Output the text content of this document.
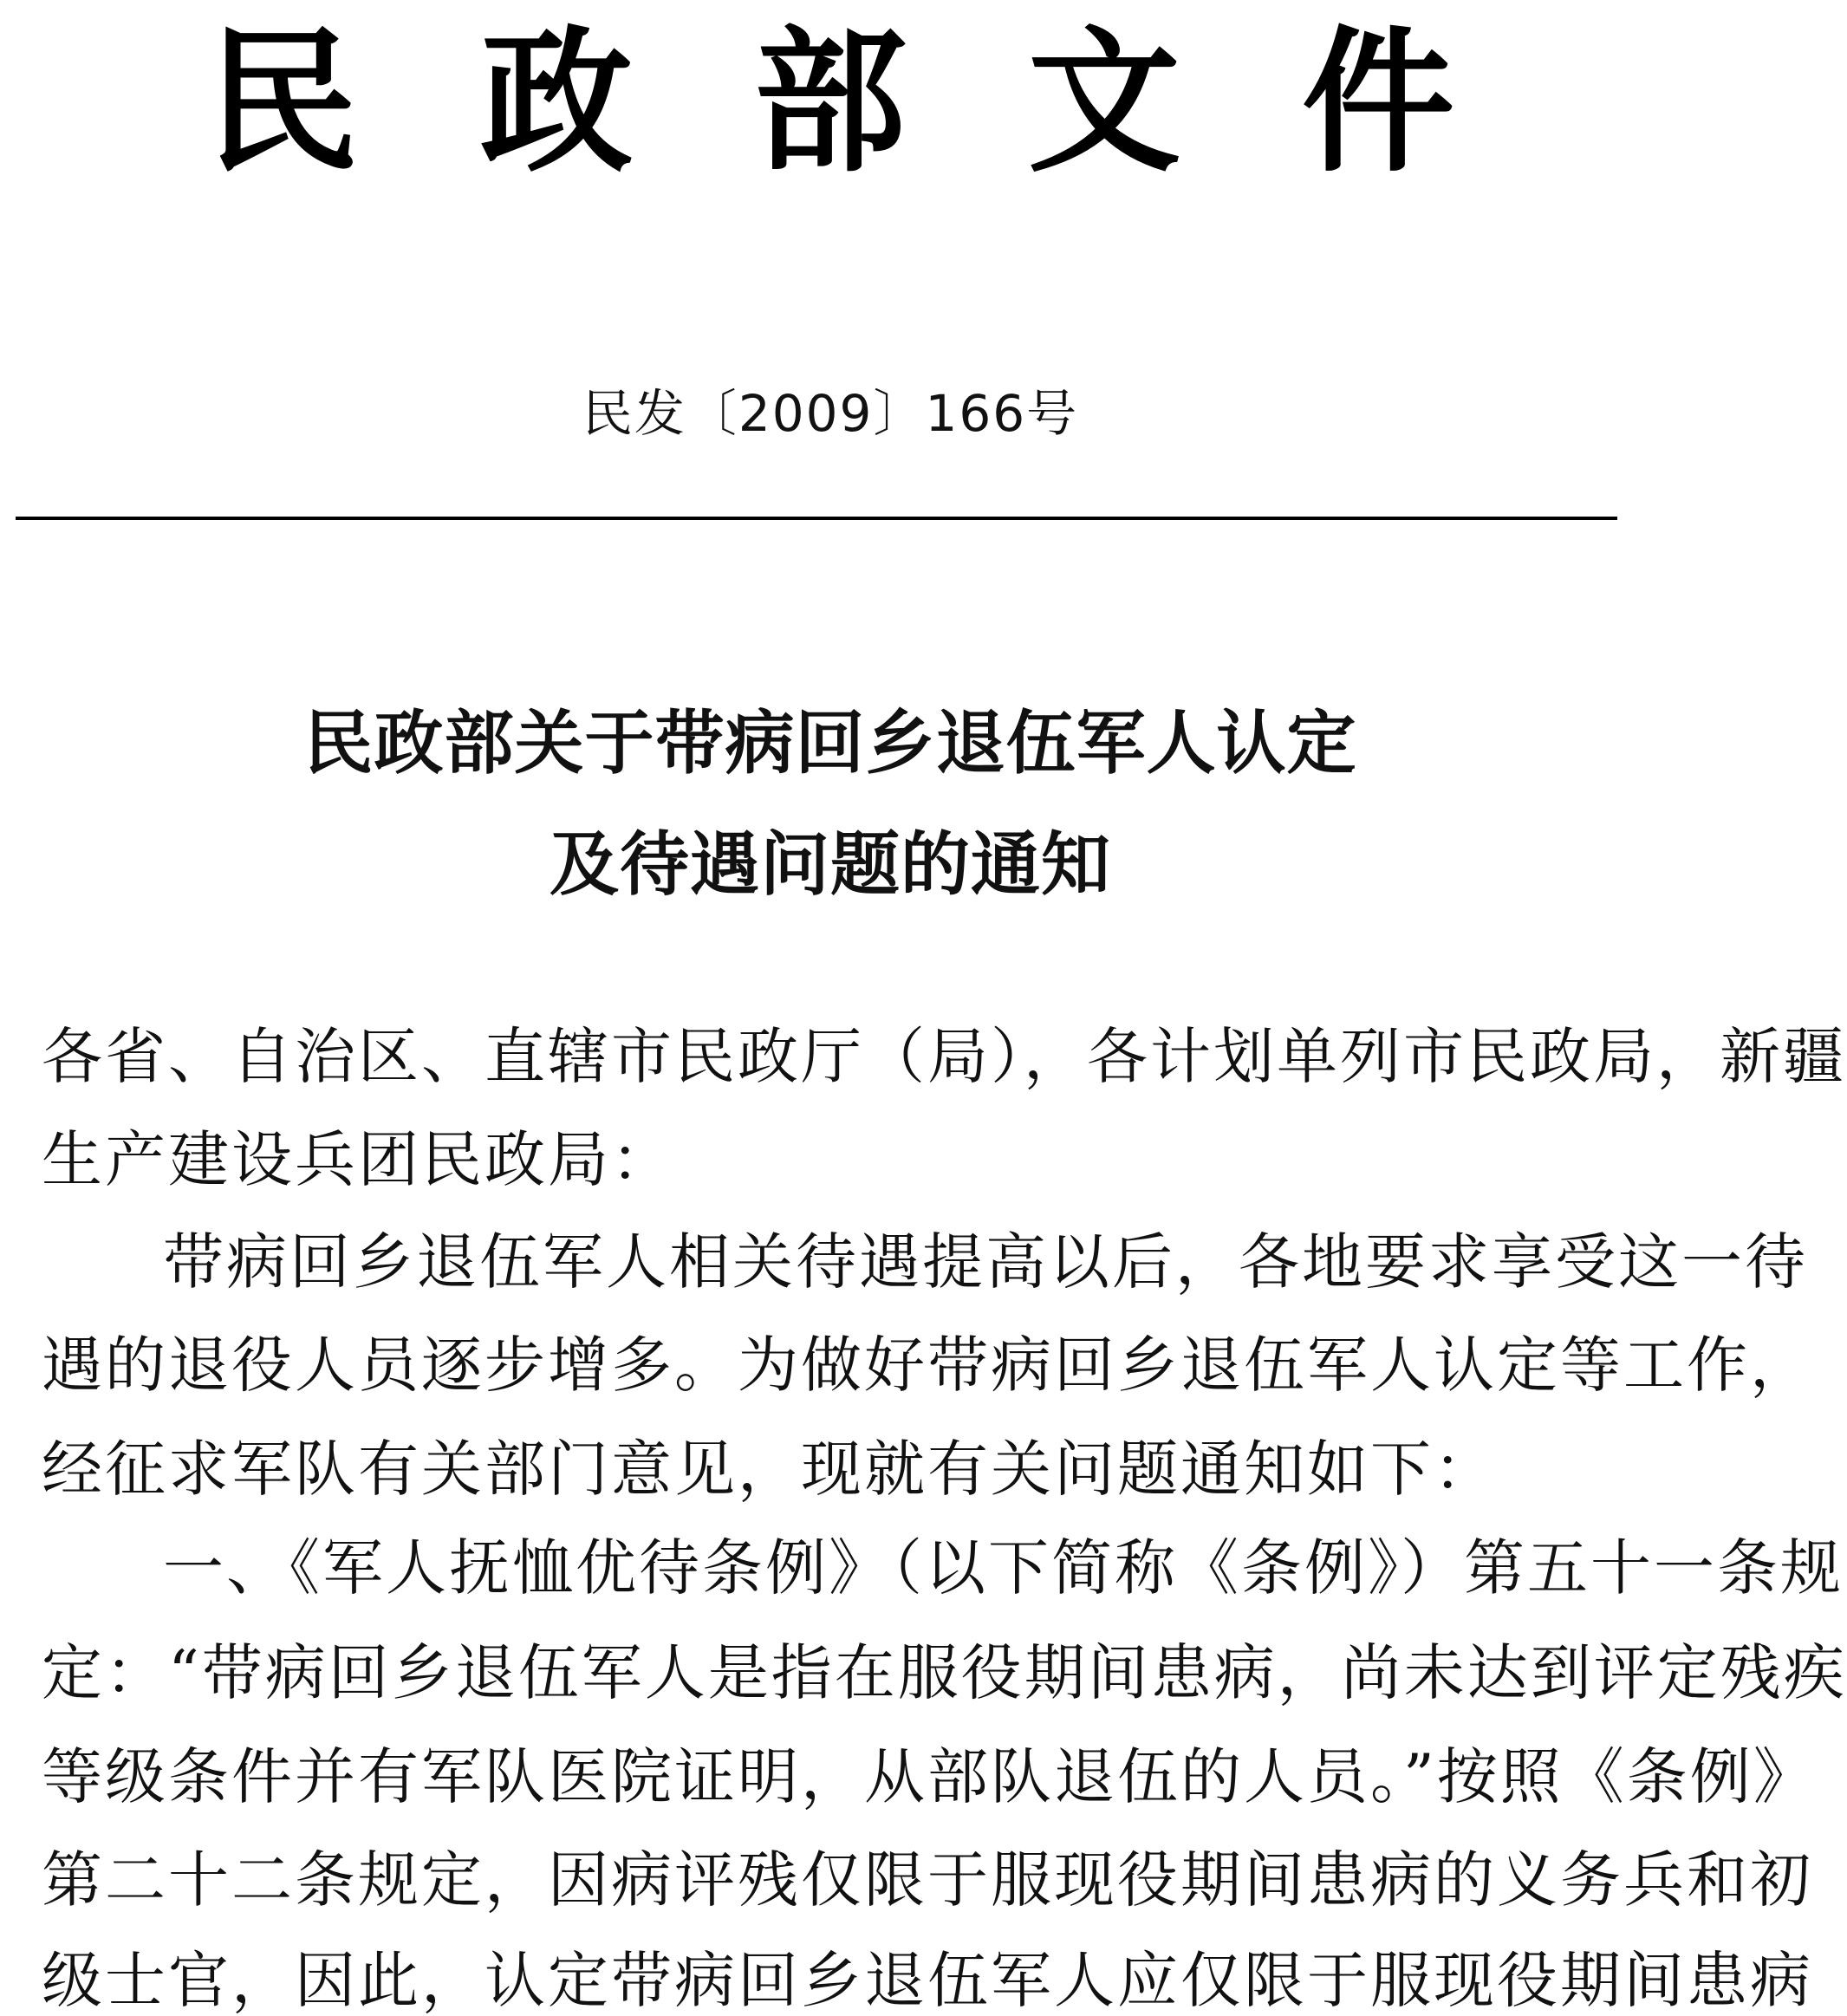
民 政 部 文 件
民发〔2009〕166号
民政部关于带病回乡退伍军人认定
及待遇问题的通知
各省、自治区、直辖市民政厅（局），各计划单列市民政局，新疆
生产建设兵团民政局：
带病回乡退伍军人相关待遇提高以后，各地要求享受这一待
遇的退役人员逐步增多。为做好带病回乡退伍军人认定等工作，
经征求军队有关部门意见，现就有关问题通知如下：
一、《军人抚恤优待条例》（以下简称《条例》）第五十一条规
定：“带病回乡退伍军人是指在服役期间患病，尚未达到评定残疾
等级条件并有军队医院证明，从部队退伍的人员。”按照《条例》
第二十二条规定，因病评残仅限于服现役期间患病的义务兵和初
级士官，因此，认定带病回乡退伍军人应仅限于服现役期间患病
